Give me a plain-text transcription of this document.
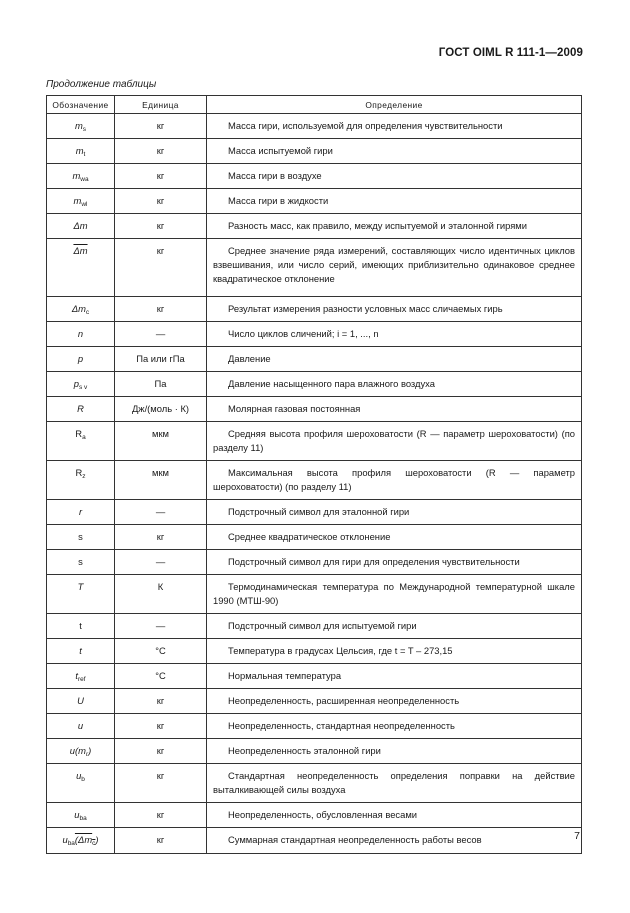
ГОСТ OIML R 111-1—2009
Продолжение таблицы
Обозначение	Единица	Определение
$m_s$	кг	Масса гири, используемой для определения чувствительности
$m_t$	кг	Масса испытуемой гири
$m_{wa}$	кг	Масса гири в воздухе
$m_{wl}$	кг	Масса гири в жидкости
Δm	кг	Разность масс, как правило, между испытуемой и эталонной гирями
$\overline{\Delta m}$	кг	Среднее значение ряда измерений, составляющих число идентичных циклов взвешивания, или число серий, имеющих приблизительно одинаковое среднее квадратическое отклонение
$\Delta m_c$	кг	Результат измерения разности условных масс сличаемых гирь
n	—	Число циклов сличений; i = 1, ..., n
p	Па или гПа	Давление
$p_{s v}$	Па	Давление насыщенного пара влажного воздуха
R	Дж/(моль · К)	Молярная газовая постоянная
$R_a$	мкм	Средняя высота профиля шероховатости (R — параметр шероховатости) (по разделу 11)
$R_z$	мкм	Максимальная высота профиля шероховатости (R — параметр шероховатости) (по разделу 11)
r	—	Подстрочный символ для эталонной гири
s	кг	Среднее квадратическое отклонение
s	—	Подстрочный символ для гири для определения чувствительности
T	К	Термодинамическая температура по Международной температурной шкале 1990 (МТШ-90)
t	—	Подстрочный символ для испытуемой гири
t	°С	Температура в градусах Цельсия, где t = T – 273,15
$t_{ref}$	°С	Нормальная температура
U	кг	Неопределенность, расширенная неопределенность
u	кг	Неопределенность, стандартная неопределенность
$u(m_r)$	кг	Неопределенность эталонной гири
$u_b$	кг	Стандартная неопределенность определения поправки на действие выталкивающей силы воздуха
$u_{ba}$	кг	Неопределенность, обусловленная весами
$u_{ba}(\Delta m_{\overline{c}})$	кг	Суммарная стандартная неопределенность работы весов	7
